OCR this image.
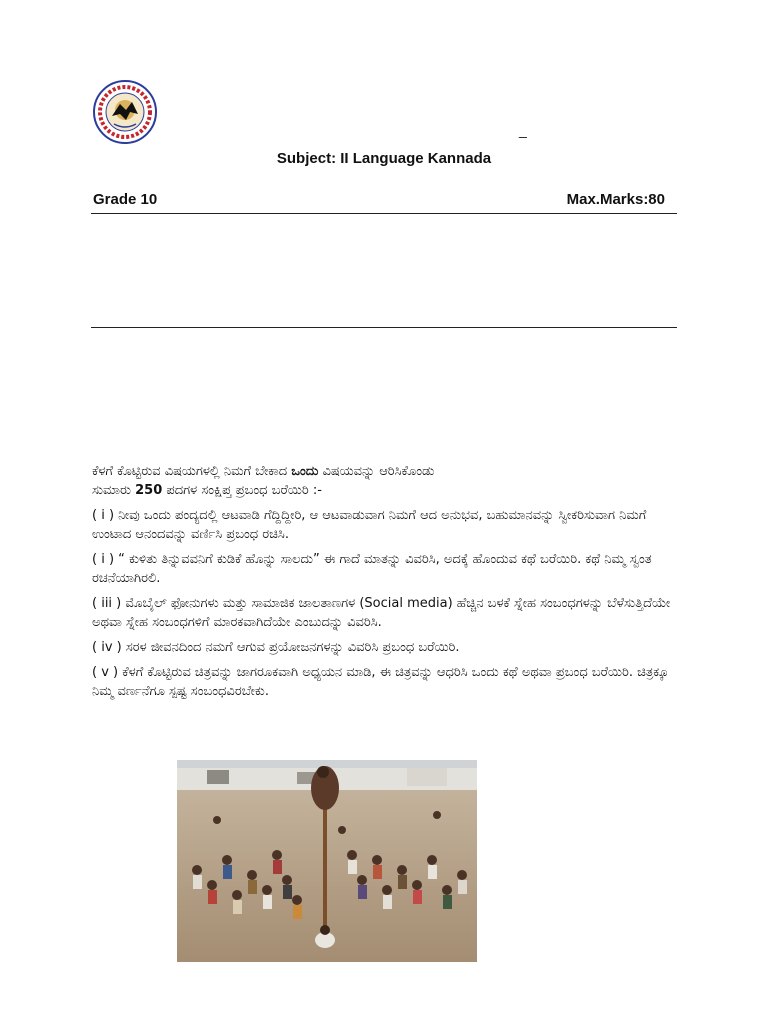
_
Subject: II Language Kannada
Grade 10	Max.Marks:80

ಕೆಳಗೆ ಕೊಟ್ಟಿರುವ ವಿಷಯಗಳಲ್ಲಿ ನಿಮಗೆ ಬೇಕಾದ ಒಂದು ವಿಷಯವನ್ನು ಆರಿಸಿಕೊಂಡು
ಸುಮಾರು 250 ಪದಗಳ ಸಂಕ್ಷಿಪ್ತ ಪ್ರಬಂಧ ಬರೆಯಿರಿ :-

( i ) ನೀವು ಒಂದು ಪಂದ್ಯದಲ್ಲಿ ಆಟವಾಡಿ ಗೆದ್ದಿದ್ದೀರಿ, ಆ ಆಟವಾಡುವಾಗ ನಿಮಗೆ ಆದ ಅನುಭವ, ಬಹುಮಾನವನ್ನು ಸ್ವೀಕರಿಸುವಾಗ ನಿಮಗೆ ಉಂಟಾದ ಆನಂದವನ್ನು ವರ್ಣಿಸಿ ಪ್ರಬಂಧ ರಚಿಸಿ.

( i ) “ ಕುಳಿತು ತಿನ್ನುವವನಿಗೆ ಕುಡಿಕೆ ಹೊನ್ನು ಸಾಲದು” ಈ ಗಾದೆ ಮಾತನ್ನು ವಿವರಿಸಿ, ಅದಕ್ಕೆ ಹೊಂದುವ ಕಥೆ ಬರೆಯಿರಿ. ಕಥೆ ನಿಮ್ಮ ಸ್ವಂತ ರಚನೆಯಾಗಿರಲಿ.

( iii ) ಮೊಬೈಲ್ ಫೋನುಗಳು ಮತ್ತು ಸಾಮಾಜಿಕ ಜಾಲತಾಣಗಳ (Social media) ಹೆಚ್ಚಿನ ಬಳಕೆ ಸ್ನೇಹ ಸಂಬಂಧಗಳನ್ನು ಬೆಳೆಸುತ್ತಿದೆಯೇ ಅಥವಾ ಸ್ನೇಹ ಸಂಬಂಧಗಳಿಗೆ ಮಾರಕವಾಗಿದೆಯೇ ಎಂಬುದನ್ನು ವಿವರಿಸಿ.

( iv ) ಸರಳ ಜೀವನದಿಂದ ನಮಗೆ ಆಗುವ ಪ್ರಯೋಜನಗಳನ್ನು ವಿವರಿಸಿ ಪ್ರಬಂಧ ಬರೆಯಿರಿ.

( v ) ಕೆಳಗೆ ಕೊಟ್ಟಿರುವ ಚಿತ್ರವನ್ನು ಜಾಗರೂಕವಾಗಿ ಅಧ್ಯಯನ ಮಾಡಿ, ಈ ಚಿತ್ರವನ್ನು ಆಧರಿಸಿ ಒಂದು ಕಥೆ ಅಥವಾ ಪ್ರಬಂಧ ಬರೆಯಿರಿ. ಚಿತ್ರಕ್ಕೂ ನಿಮ್ಮ ವರ್ಣನೆಗೂ ಸ್ಪಷ್ಟ ಸಂಬಂಧವಿರಬೇಕು.
